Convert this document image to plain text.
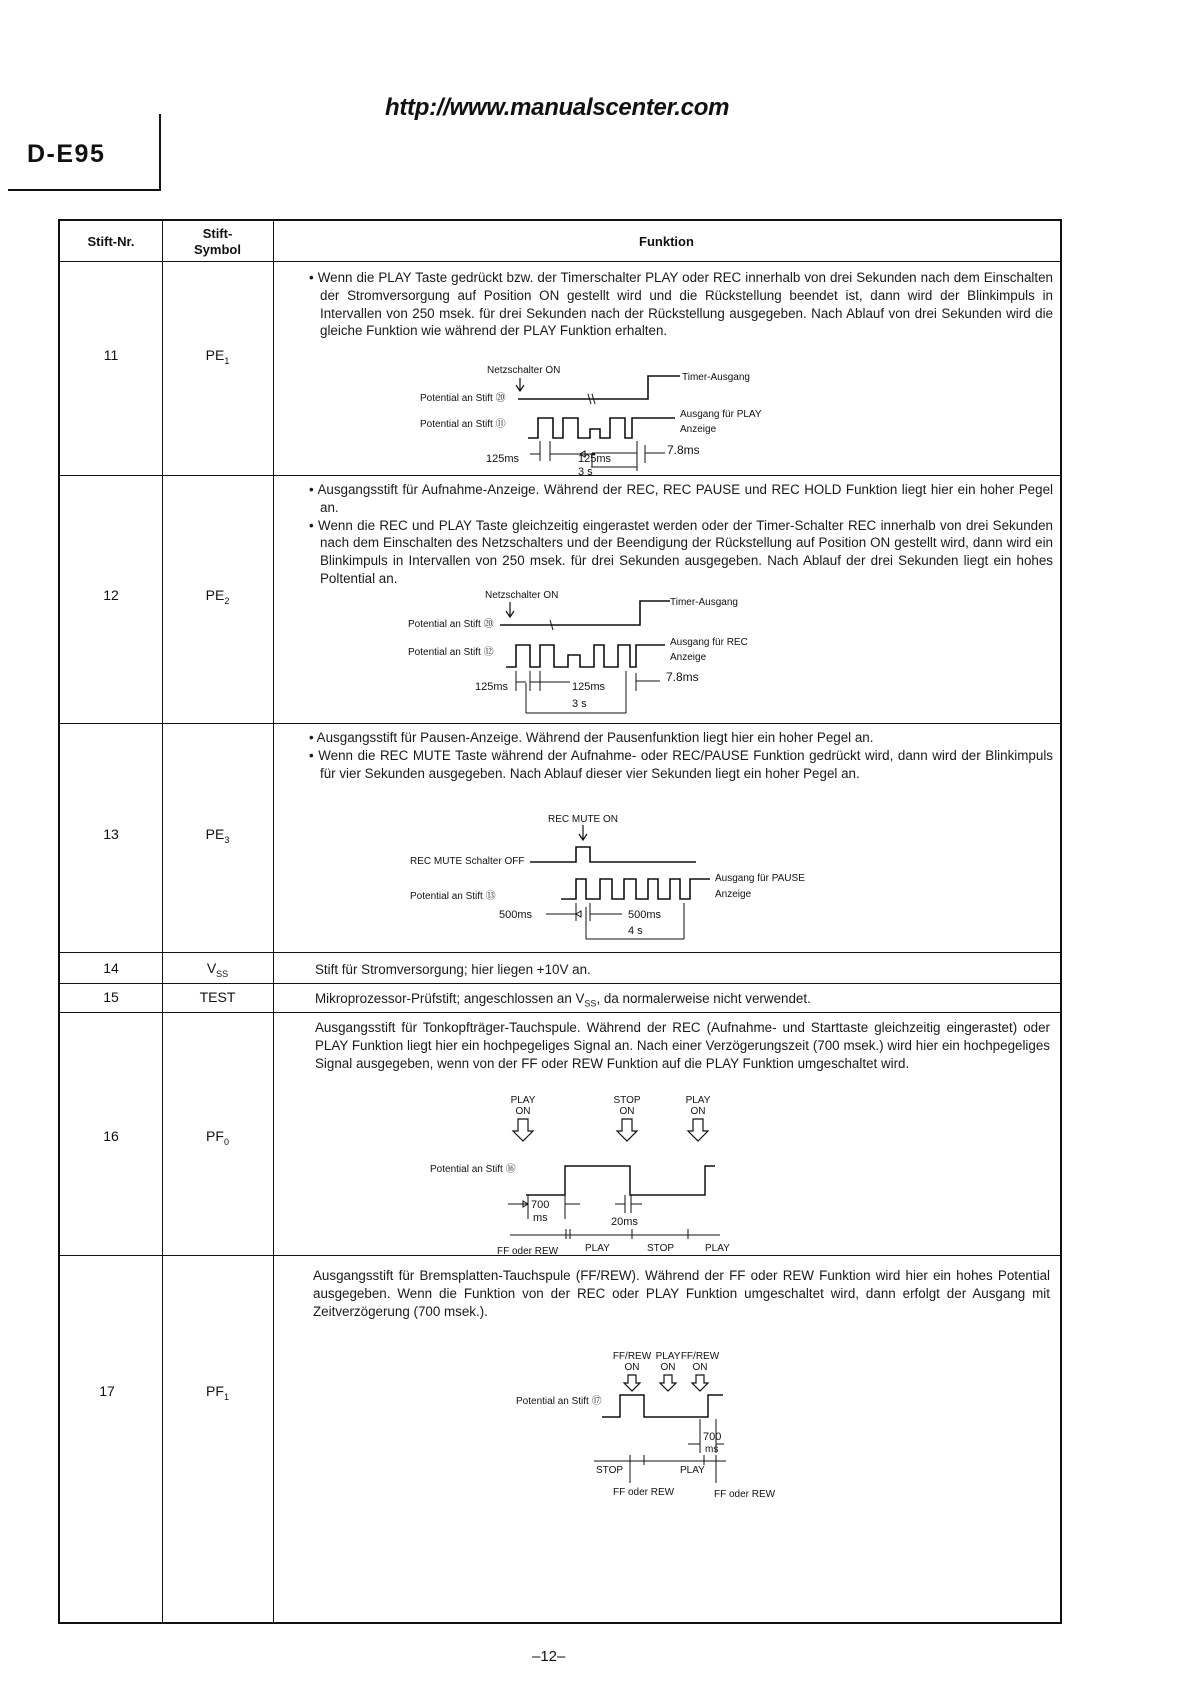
http://www.manualscenter.com
D-E95
Stift-Nr.
Stift-
Symbol
Funktion
11	$PE_1$
• Wenn die PLAY Taste gedrückt bzw. der Timerschalter PLAY oder REC innerhalb von drei Sekunden nach dem Einschalten der Stromversorgung auf Position ON gestellt wird und die Rückstellung beendet ist, dann wird der Blinkimpuls in Intervallen von 250 msek. für drei Sekunden nach der Rückstellung ausgegeben. Nach Ablauf von drei Sekunden wird die gleiche Funktion wie während der PLAY Funktion erhalten.
Netzschalter ON
Potential an Stift ⑳
Potential an Stift ⑪
Timer-Ausgang
Ausgang für PLAY
Anzeige
125ms	125ms
3 s
7.8ms
12	$PE_2$
• Ausgangsstift für Aufnahme-Anzeige. Während der REC, REC PAUSE und REC HOLD Funktion liegt hier ein hoher Pegel an.
• Wenn die REC und PLAY Taste gleichzeitig eingerastet werden oder der Timer-Schalter REC innerhalb von drei Sekunden nach dem Einschalten des Netzschalters und der Beendigung der Rückstellung auf Position ON gestellt wird, dann wird ein Blinkimpuls in Intervallen von 250 msek. für drei Sekunden ausgegeben. Nach Ablauf der drei Sekunden liegt ein hohes Poltential an.
Netzschalter ON
Potential an Stift ⑳
Potential an Stift ⑫
Timer-Ausgang
Ausgang für REC
Anzeige
125ms	125ms
3 s
7.8ms
13	$PE_3$
• Ausgangsstift für Pausen-Anzeige. Während der Pausenfunktion liegt hier ein hoher Pegel an.
• Wenn die REC MUTE Taste während der Aufnahme- oder REC/PAUSE Funktion gedrückt wird, dann wird der Blinkimpuls für vier Sekunden ausgegeben. Nach Ablauf dieser vier Sekunden liegt ein hoher Pegel an.
REC MUTE ON
REC MUTE Schalter OFF
Potential an Stift ⑬
Ausgang für PAUSE
Anzeige
500ms	500ms
4 s
14	$V_{SS}$	Stift für Stromversorgung; hier liegen +10V an.
15	TEST	Mikroprozessor-Prüfstift; angeschlossen an $V_{SS}$, da normalerweise nicht verwendet.
16	$PF_0$

Ausgangsstift für Tonkopfträger-Tauchspule. Während der REC (Aufnahme- und Starttaste gleichzeitig eingerastet) oder PLAY Funktion liegt hier ein hochpegeliges Signal an. Nach einer Verzögerungszeit (700 msek.) wird hier ein hochpegeliges Signal ausgegeben, wenn von der FF oder REW Funktion auf die PLAY Funktion umgeschaltet wird.

PLAY
ON
STOP
ON
PLAY
ON
Potential an Stift ⑯
700
ms	20ms
FF oder REW	PLAY	STOP	PLAY
17	$PF_1$

Ausgangsstift für Bremsplatten-Tauchspule (FF/REW). Während der FF oder REW Funktion wird hier ein hohes Potential ausgegeben. Wenn die Funktion von der REC oder PLAY Funktion umgeschaltet wird, dann erfolgt der Ausgang mit Zeitverzögerung (700 msek.).

FF/REW
ON
PLAY
ON
FF/REW
ON
Potential an Stift ⑰
700
ms
STOP	PLAY
FF oder REW	FF oder REW
–12–
